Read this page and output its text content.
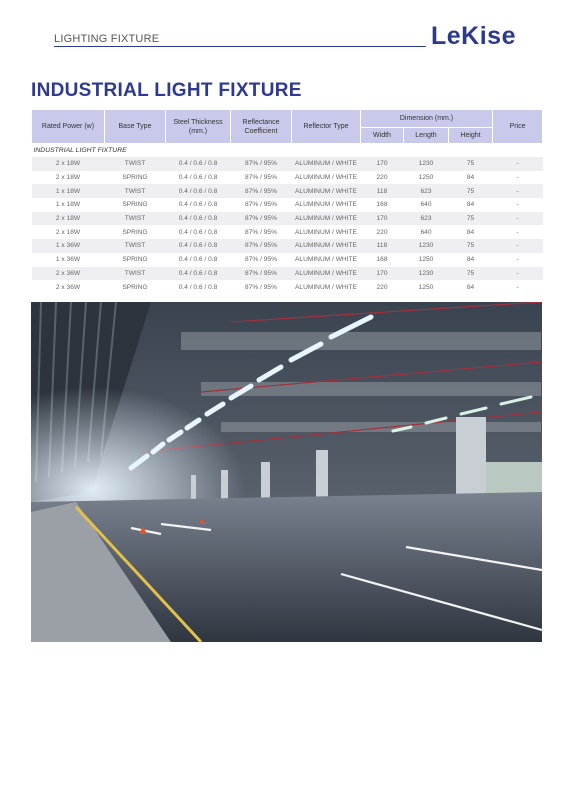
LIGHTING FIXTURE	LeKise
INDUSTRIAL LIGHT FIXTURE
Rated Power (w)	Base Type	Steel Thickness (mm.)	Reflectance Coefficient	Reflector Type	Dimension (mm.)			Price
					Width	Length	Height	
INDUSTRIAL LIGHT FIXTURE								
2 x 18W	TWIST	0.4 / 0.6 / 0.8	87% / 95%	ALUMINUM / WHITE	170	1230	75	-
2 x 18W	SPRING	0.4 / 0.6 / 0.8	87% / 95%	ALUMINUM / WHITE	220	1250	84	-
1 x 18W	TWIST	0.4 / 0.6 / 0.8	87% / 95%	ALUMINUM / WHITE	118	623	75	-
1 x 18W	SPRING	0.4 / 0.6 / 0.8	87% / 95%	ALUMINUM / WHITE	168	640	84	-
2 x 18W	TWIST	0.4 / 0.6 / 0.8	87% / 95%	ALUMINUM / WHITE	170	623	75	-
2 x 18W	SPRING	0.4 / 0.6 / 0.8	87% / 95%	ALUMINUM / WHITE	220	640	84	-
1 x 36W	TWIST	0.4 / 0.6 / 0.8	87% / 95%	ALUMINUM / WHITE	118	1230	75	-
1 x 36W	SPRING	0.4 / 0.6 / 0.8	87% / 95%	ALUMINUM / WHITE	168	1250	84	-
2 x 36W	TWIST	0.4 / 0.6 / 0.8	87% / 95%	ALUMINUM / WHITE	170	1230	75	-
2 x 36W	SPRING	0.4 / 0.6 / 0.8	87% / 95%	ALUMINUM / WHITE	220	1250	84	-
